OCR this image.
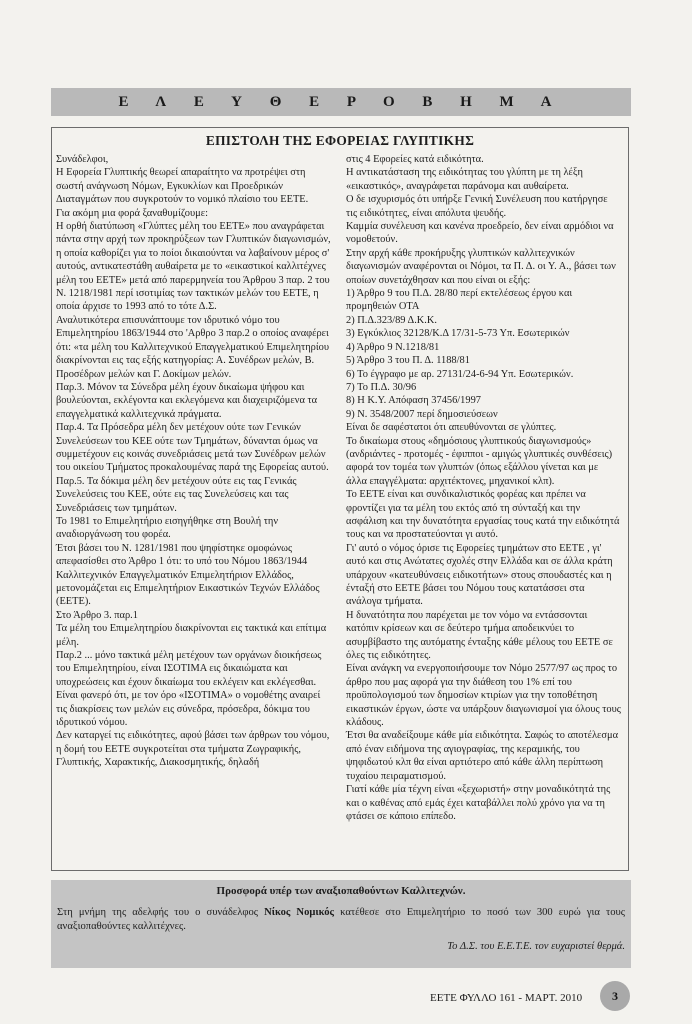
Ε Λ Ε Υ Θ Ε Ρ Ο Β Η Μ Α
ΕΠΙΣΤΟΛΗ ΤΗΣ ΕΦΟΡΕΙΑΣ ΓΛΥΠΤΙΚΗΣ

Συνάδελφοι,

Η Εφορεία Γλυπτικής θεωρεί απαραίτητο να προτρέψει στη σωστή ανάγνωση Νόμων, Εγκυκλίων και Προεδρικών Διαταγμάτων που συγκροτούν το νομικό πλαίσιο του ΕΕΤΕ.

Για ακόμη μια φορά ξαναθυμίζουμε:

Η ορθή διατύπωση «Γλύπτες μέλη του ΕΕΤΕ» που αναγράφεται πάντα στην αρχή των προκηρύξεων των Γλυπτικών διαγωνισμών, η οποία καθορίζει για το ποίοι δικαιούνται να λαβαίνουν μέρος σ' αυτούς, αντικατεστάθη αυθαίρετα με το «εικαστικοί καλλιτέχνες μέλη του ΕΕΤΕ» μετά από παρερμηνεία του Άρθρου 3 παρ. 2 του Ν. 1218/1981 περί ισοτιμίας των τακτικών μελών του ΕΕΤΕ, η οποία άρχισε το 1993 από το τότε Δ.Σ.

Αναλυτικότερα επισυνάπτουμε τον ιδρυτικό νόμο του Επιμελητηρίου 1863/1944 στο 'Αρθρο 3 παρ.2 ο οποίος αναφέρει ότι: «τα μέλη του Καλλιτεχνικού Επαγγελματικού Επιμελητηρίου διακρίνονται εις τας εξής κατηγορίας: Α. Συνέδρων μελών, Β. Προσέδρων μελών και Γ. Δοκίμων μελών.

Παρ.3. Μόνον τα Σύνεδρα μέλη έχουν δικαίωμα ψήφου και βουλεύονται, εκλέγοντα και εκλεγόμενα και διαχειριζόμενα τα επαγγελματικά καλλιτεχνικά πράγματα.

Παρ.4. Τα Πρόσεδρα μέλη δεν μετέχουν ούτε των Γενικών Συνελεύσεων του ΚΕΕ ούτε των Τμημάτων, δύνανται όμως να συμμετέχουν εις κοινάς συνεδριάσεις μετά των Συνέδρων μελών του οικείου Τμήματος προκαλουμένας παρά της Εφορείας αυτού.

Παρ.5. Τα δόκιμα μέλη δεν μετέχουν ούτε εις τας Γενικάς Συνελεύσεις του ΚΕΕ, ούτε εις τας Συνελεύσεις και τας Συνεδριάσεις των τμημάτων.

Το 1981 το Επιμελητήριο εισηγήθηκε στη Βουλή την αναδιοργάνωση του φορέα.

Έτσι βάσει του Ν. 1281/1981 που ψηφίστηκε ομοφώνως απεφασίσθει στο Άρθρο 1 ότι: το υπό του Νόμου 1863/1944 Καλλιτεχνικόν Επαγγελματικόν Επιμελητήριον Ελλάδος, μετονομάζεται εις Επιμελητήριον Εικαστικών Τεχνών Ελλάδος (ΕΕΤΕ).

Στο Άρθρο 3. παρ.1

Τα μέλη του Επιμελητηρίου διακρίνονται εις τακτικά και επίτιμα μέλη.

Παρ.2 ... μόνο τακτικά μέλη μετέχουν των οργάνων διοικήσεως του Επιμελητηρίου, είναι ΙΣΟΤΙΜΑ εις δικαιώματα και υποχρεώσεις και έχουν δικαίωμα του εκλέγειν και εκλέγεσθαι.

Είναι φανερό ότι, με τον όρο «ΙΣΟΤΙΜΑ» ο νομοθέτης αναιρεί τις διακρίσεις των μελών εις σύνεδρα, πρόσεδρα, δόκιμα του ιδρυτικού νόμου.

Δεν καταργεί τις ειδικότητες, αφού βάσει των άρθρων του νόμου, η δομή του ΕΕΤΕ συγκροτείται στα τμήματα Ζωγραφικής, Γλυπτικής, Χαρακτικής, Διακοσμητικής, δηλαδή

στις 4 Εφορείες κατά ειδικότητα.

Η αντικατάσταση της ειδικότητας του γλύπτη με τη λέξη «εικαστικός», αναγράφεται παράνομα και αυθαίρετα.

Ο δε ισχυρισμός ότι υπήρξε Γενική Συνέλευση που κατήργησε τις ειδικότητες, είναι απόλυτα ψευδής.

Καμμία συνέλευση και κανένα προεδρείο, δεν είναι αρμόδιοι να νομοθετούν.

Στην αρχή κάθε προκήρυξης γλυπτικών καλλιτεχνικών διαγωνισμών αναφέρονται οι Νόμοι, τα Π. Δ. οι Υ. Α., βάσει των οποίων συνετάχθησαν και που είναι οι εξής:

1) Άρθρο 9 του Π.Δ. 28/80 περί εκτελέσεως έργου και προμηθειών ΟΤΑ

2) Π.Δ.323/89 Δ.Κ.Κ.

3) Εγκύκλιος 32128/Κ.Δ 17/31-5-73 Υπ. Εσωτερικών

4) Άρθρο 9 Ν.1218/81

5) Άρθρο 3 του Π. Δ. 1188/81

6) Το έγγραφο με αρ. 27131/24-6-94 Υπ. Εσωτερικών.

7) Το Π.Δ. 30/96

8) Η Κ.Υ. Απόφαση 37456/1997

9) Ν. 3548/2007 περί δημοσιεύσεων

Είναι δε σαφέστατοι ότι απευθύνονται σε γλύπτες.

Το δικαίωμα στους «δημόσιους γλυπτικούς διαγωνισμούς» (ανδριάντες - προτομές - έφιπποι - αμιγώς γλυπτικές συνθέσεις) αφορά τον τομέα των γλυπτών (όπως εξάλλου γίνεται και με άλλα επαγγέλματα: αρχιτέκτονες, μηχανικοί κλπ).

Το ΕΕΤΕ είναι και συνδικαλιστικός φορέας και πρέπει να φροντίζει για τα μέλη του εκτός από τη σύνταξή και την ασφάλιση και την δυνατότητα εργασίας τους κατά την ειδικότητά τους και να προστατεύονται γι αυτό.

Γι' αυτό ο νόμος όρισε τις Εφορείες τμημάτων στο ΕΕΤΕ , γι' αυτό και στις Ανώτατες σχολές στην Ελλάδα και σε άλλα κράτη υπάρχουν «κατευθύνσεις ειδικοτήτων» στους σπουδαστές και η ένταξή στο ΕΕΤΕ βάσει του Νόμου τους κατατάσσει στα ανάλογα τμήματα.

Η δυνατότητα που παρέχεται με τον νόμο να εντάσσονται κατόπιν κρίσεων και σε δεύτερο τμήμα αποδεικνύει το ασυμβίβαστο της αυτόματης ένταξης κάθε μέλους του ΕΕΤΕ σε όλες τις ειδικότητες.

Είναι ανάγκη να ενεργοποιήσουμε τον Νόμο 2577/97 ως προς το άρθρο που μας αφορά για την διάθεση του 1% επί του προϋπολογισμού των δημοσίων κτιρίων για την τοποθέτηση εικαστικών έργων, ώστε να υπάρξουν διαγωνισμοί για όλους τους κλάδους.

Έτσι θα αναδείξουμε κάθε μία ειδικότητα. Σαφώς το αποτέλεσμα από έναν ειδήμονα της αγιογραφίας, της κεραμικής, του ψηφιδωτού κλπ θα είναι αρτιότερο από κάθε άλλη περίπτωση τυχαίου πειραματισμού.

Γιατί κάθε μία τέχνη είναι «ξεχωριστή» στην μοναδικότητά της και ο καθένας από εμάς έχει καταβάλλει πολύ χρόνο για να τη φτάσει σε κάποιο επίπεδο.

Προσφορά υπέρ των αναξιοπαθούντων Καλλιτεχνών.
Στη μνήμη της αδελφής του ο συνάδελφος Νίκος Νομικός κατέθεσε στο Επιμελητήριο το ποσό των 300 ευρώ για τους αναξιοπαθούντες καλλιτέχνες.
Το Δ.Σ. του Ε.Ε.Τ.Ε. τον ευχαριστεί θερμά.
ΕΕΤΕ ΦΥΛΛΟ 161 - ΜΑΡΤ. 2010	3
